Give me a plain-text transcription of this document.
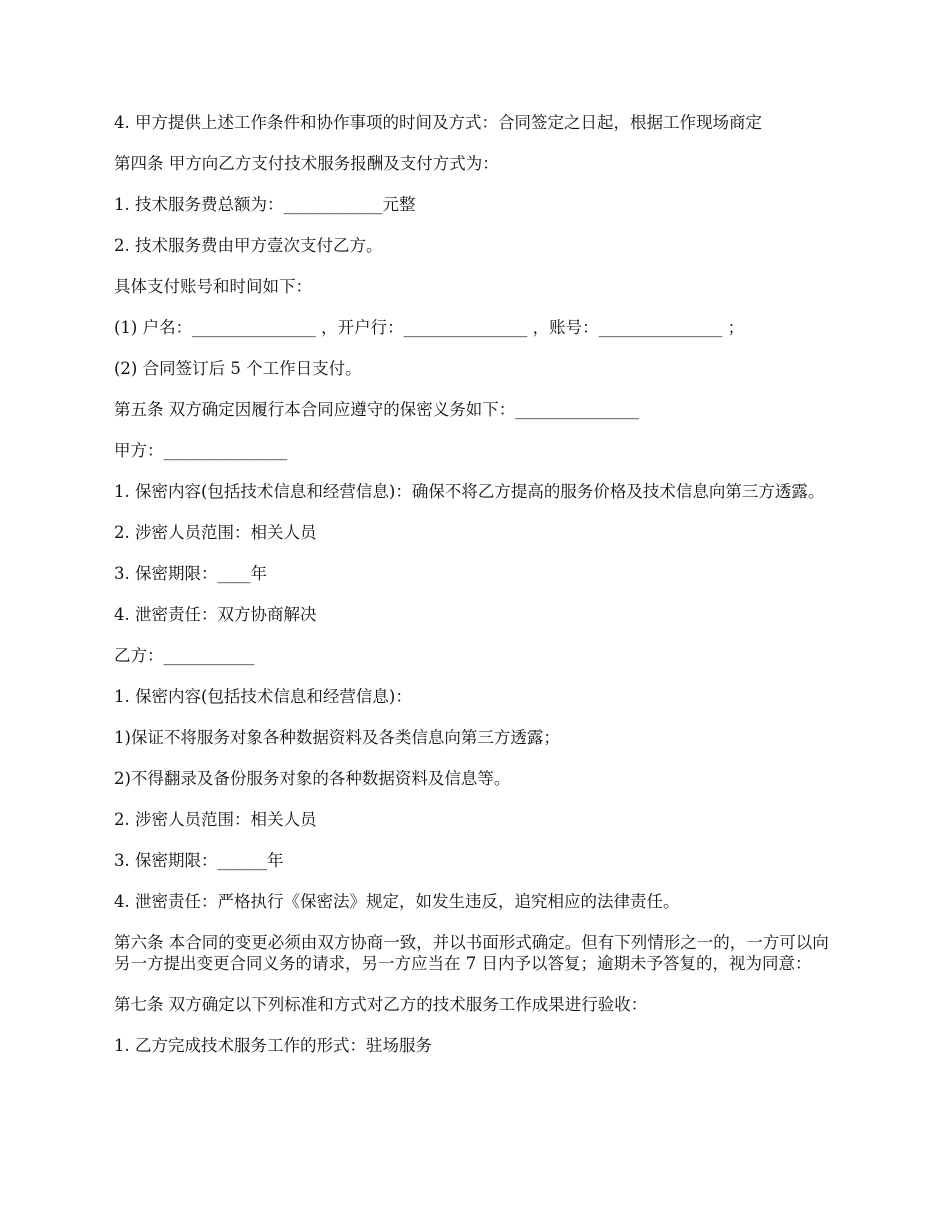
4. 甲方提供上述工作条件和协作事项的时间及方式：合同签定之日起，根据工作现场商定

第四条 甲方向乙方支付技术服务报酬及支付方式为：

1. 技术服务费总额为：____________元整

2. 技术服务费由甲方壹次支付乙方。

具体支付账号和时间如下：

(1) 户名：_______________ ，开户行：_______________ ，账号：_______________ ；

(2) 合同签订后 5 个工作日支付。

第五条 双方确定因履行本合同应遵守的保密义务如下：_______________

甲方：_______________

1. 保密内容(包括技术信息和经营信息)：确保不将乙方提高的服务价格及技术信息向第三方透露。

2. 涉密人员范围：相关人员

3. 保密期限：____年

4. 泄密责任：双方协商解决

乙方：___________

1. 保密内容(包括技术信息和经营信息)：

1)保证不将服务对象各种数据资料及各类信息向第三方透露；

2)不得翻录及备份服务对象的各种数据资料及信息等。

2. 涉密人员范围：相关人员

3. 保密期限：______年

4. 泄密责任：严格执行《保密法》规定，如发生违反，追究相应的法律责任。

第六条 本合同的变更必须由双方协商一致，并以书面形式确定。但有下列情形之一的，一方可以向另一方提出变更合同义务的请求，另一方应当在 7 日内予以答复；逾期未予答复的，视为同意：

第七条 双方确定以下列标准和方式对乙方的技术服务工作成果进行验收：

1. 乙方完成技术服务工作的形式：驻场服务
